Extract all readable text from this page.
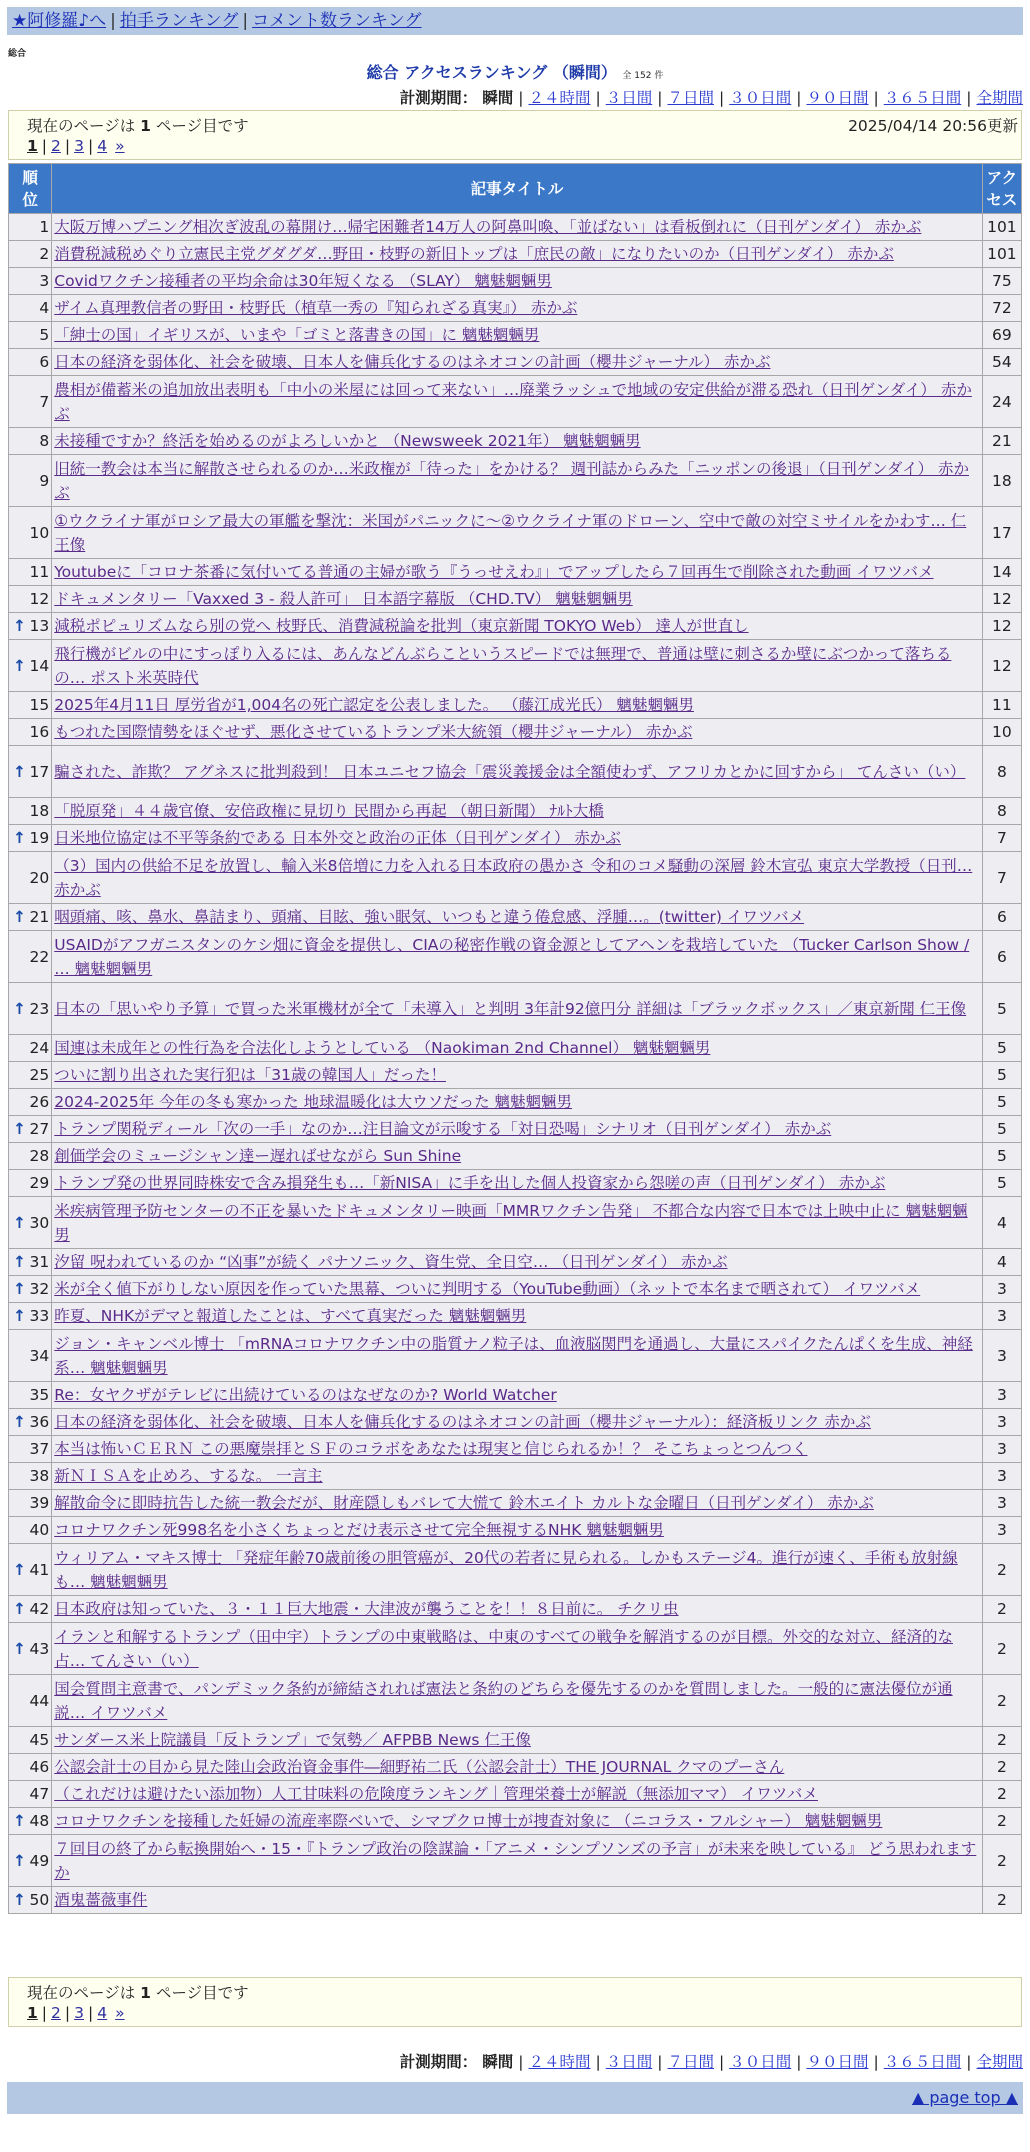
★阿修羅♪へ | 拍手ランキング | コメント数ランキング
総合
総合 アクセスランキング （瞬間） 全 152 件
計測期間： 瞬間 | ２４時間 | ３日間 | ７日間 | ３０日間 | ９０日間 | ３６５日間 | 全期間
現在のページは 1 ページ目です	2025/04/14 20:56更新
1 | 2 | 3 | 4 »
順位	記事タイトル	アクセス
1	大阪万博ハプニング相次ぎ波乱の幕開け…帰宅困難者14万人の阿鼻叫喚、「並ばない」は看板倒れに（日刊ゲンダイ） 赤かぶ	101
2	消費税減税めぐり立憲民主党グダグダ…野田・枝野の新旧トップは「庶民の敵」になりたいのか（日刊ゲンダイ） 赤かぶ	101
3	Covidワクチン接種者の平均余命は30年短くなる （SLAY） 魑魅魍魎男	75
4	ザイム真理教信者の野田・枝野氏（植草一秀の『知られざる真実』） 赤かぶ	72
5	「紳士の国」イギリスが、いまや「ゴミと落書きの国」に 魑魅魍魎男	69
6	日本の経済を弱体化、社会を破壊、日本人を傭兵化するのはネオコンの計画（櫻井ジャーナル） 赤かぶ	54
7	農相が備蓄米の追加放出表明も「中小の米屋には回って来ない」…廃業ラッシュで地域の安定供給が滞る恐れ（日刊ゲンダイ） 赤かぶ	24
8	未接種ですか？終活を始めるのがよろしいかと （Newsweek 2021年） 魑魅魍魎男	21
9	旧統一教会は本当に解散させられるのか…米政権が「待った」をかける？ 週刊誌からみた「ニッポンの後退」（日刊ゲンダイ） 赤かぶ	18
10	①ウクライナ軍がロシア最大の軍艦を撃沈：米国がパニックに～②ウクライナ軍のドローン、空中で敵の対空ミサイルをかわす… 仁王像	17
11	Youtubeに「コロナ茶番に気付いてる普通の主婦が歌う『うっせえわ』」でアップしたら７回再生で削除された動画 イワツバメ	14
12	ドキュメンタリー「Vaxxed 3 - 殺人許可」 日本語字幕版 （CHD.TV） 魑魅魍魎男	12

↑ 13	減税ポピュリズムなら別の党へ 枝野氏、消費減税論を批判（東京新聞 TOKYO Web） 達人が世直し	12

↑ 14	飛行機がビルの中にすっぽり入るには、あんなどんぶらこというスピードでは無理で、普通は壁に刺さるか壁にぶつかって落ちるの… ポスト米英時代	12
15	2025年4月11日 厚労省が1,004名の死亡認定を公表しました。 （藤江成光氏） 魑魅魍魎男	11
16	もつれた国際情勢をほぐせず、悪化させているトランプ米大統領（櫻井ジャーナル） 赤かぶ	10

↑ 17	騙された、詐欺？ アグネスに批判殺到！ 日本ユニセフ協会「震災義援金は全額使わず、アフリカとかに回すから」 てんさい（い）	8
18	「脱原発」４４歳官僚、安倍政権に見切り 民間から再起 （朝日新聞） ﾅﾙﾄ大橋	8

↑ 19	日米地位協定は不平等条約である 日本外交と政治の正体（日刊ゲンダイ） 赤かぶ	7
20	（3）国内の供給不足を放置し、輸入米8倍増に力を入れる日本政府の愚かさ 令和のコメ騒動の深層 鈴木宣弘 東京大学教授（日刊… 赤かぶ	7

↑ 21	咽頭痛、咳、鼻水、鼻詰まり、頭痛、目眩、強い眠気、いつもと違う倦怠感、浮腫…。(twitter) イワツバメ	6
22	USAIDがアフガニスタンのケシ畑に資金を提供し、CIAの秘密作戦の資金源としてアヘンを栽培していた （Tucker Carlson Show / … 魑魅魍魎男	6

↑ 23	日本の「思いやり予算」で買った米軍機材が全て「未導入」と判明 3年計92億円分 詳細は「ブラックボックス」／東京新聞 仁王像	5
24	国連は未成年との性行為を合法化しようとしている （Naokiman 2nd Channel） 魑魅魍魎男	5
25	ついに割り出された実行犯は「31歳の韓国人」だった！	5
26	2024-2025年 今年の冬も寒かった 地球温暖化は大ウソだった 魑魅魍魎男	5

↑ 27	トランプ関税ディール「次の一手」なのか…注目論文が示唆する「対日恐喝」シナリオ（日刊ゲンダイ） 赤かぶ	5
28	創価学会のミュージシャン達ー遅ればせながら Sun Shine	5
29	トランプ発の世界同時株安で含み損発生も…「新NISA」に手を出した個人投資家から怨嗟の声（日刊ゲンダイ） 赤かぶ	5

↑ 30	米疾病管理予防センターの不正を暴いたドキュメンタリー映画「MMRワクチン告発」 不都合な内容で日本では上映中止に 魑魅魍魎男	4

↑ 31	汐留 呪われているのか “凶事”が続く パナソニック、資生党、全日空… （日刊ゲンダイ） 赤かぶ	4

↑ 32	米が全く値下がりしない原因を作っていた黒幕、ついに判明する（YouTube動画）（ネットで本名まで晒されて） イワツバメ	3

↑ 33	昨夏、NHKがデマと報道したことは、すべて真実だった 魑魅魍魎男	3
34	ジョン・キャンベル博士 「mRNAコロナワクチン中の脂質ナノ粒子は、血液脳関門を通過し、大量にスパイクたんぱくを生成、神経系… 魑魅魍魎男	3
35	Re：女ヤクザがテレビに出続けているのはなぜなのか? World Watcher	3

↑ 36	日本の経済を弱体化、社会を破壊、日本人を傭兵化するのはネオコンの計画（櫻井ジャーナル）：経済板リンク 赤かぶ	3
37	本当は怖いＣＥＲＮ この悪魔崇拝とＳＦのコラボをあなたは現実と信じられるか！？ そこちょっとつんつく	3
38	新ＮＩＳＡを止めろ、するな。 一言主	3
39	解散命令に即時抗告した統一教会だが、財産隠しもバレて大慌て 鈴木エイト カルトな金曜日（日刊ゲンダイ） 赤かぶ	3
40	コロナワクチン死998名を小さくちょっとだけ表示させて完全無視するNHK 魑魅魍魎男	3

↑ 41	ウィリアム・マキス博士 「発症年齢70歳前後の胆管癌が、20代の若者に見られる。しかもステージ4。進行が速く、手術も放射線も… 魑魅魍魎男	2

↑ 42	日本政府は知っていた、３・１１巨大地震・大津波が襲うことを！！８日前に。 チクリ虫	2

↑ 43	イランと和解するトランプ（田中宇）トランプの中東戦略は、中東のすべての戦争を解消するのが目標。外交的な対立、経済的な占… てんさい（い）	2
44	国会質問主意書で、パンデミック条約が締結されれば憲法と条約のどちらを優先するのかを質問しました。一般的に憲法優位が通説… イワツバメ	2
45	サンダース米上院議員「反トランプ」で気勢／ AFPBB News 仁王像	2
46	公認会計士の目から見た陸山会政治資金事件―細野祐二氏（公認会計士）THE JOURNAL クマのプーさん	2
47	（これだけは避けたい添加物）人工甘味料の危険度ランキング｜管理栄養士が解説（無添加ママ） イワツバメ	2

↑ 48	コロナワクチンを接種した妊婦の流産率際べいで、シマブクロ博士が捜査対象に （ニコラス・フルシャー） 魑魅魍魎男	2

↑ 49	７回目の終了から転換開始へ・15・『トランプ政治の陰謀論・「アニメ・シンプソンズの予言」が未来を映している』 どう思われますか	2

↑ 50	酒鬼薔薇事件	2
現在のページは 1 ページ目です
1 | 2 | 3 | 4 »
計測期間： 瞬間 | ２４時間 | ３日間 | ７日間 | ３０日間 | ９０日間 | ３６５日間 | 全期間
▲ page top ▲
